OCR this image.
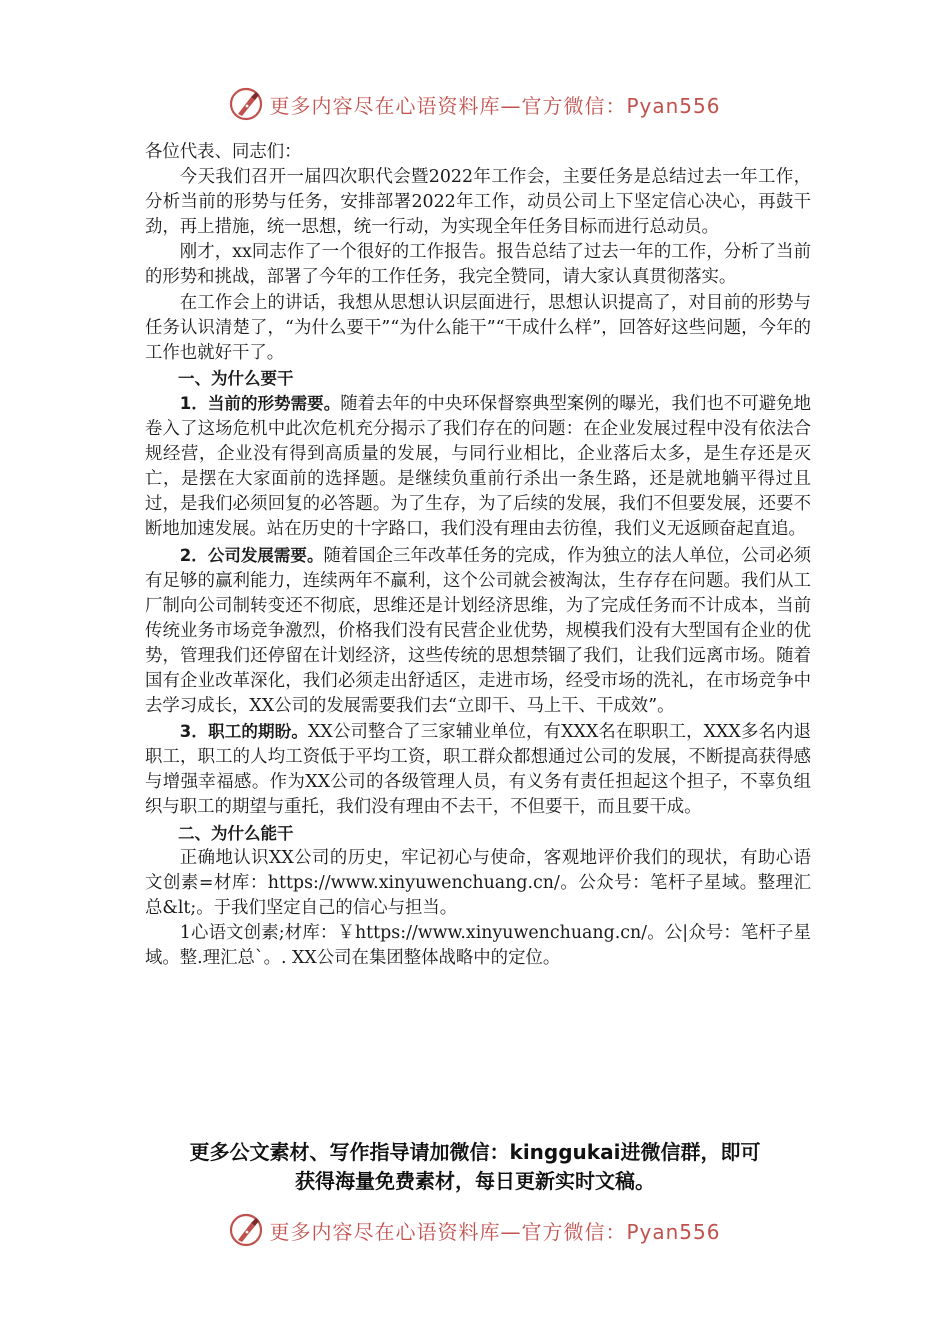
更多内容尽在心语资料库—官方微信：Pyan556

各位代表、同志们：

今天我们召开一届四次职代会暨2022年工作会，主要任务是总结过去一年工作，分析当前的形势与任务，安排部署2022年工作，动员公司上下坚定信心决心，再鼓干劲，再上措施，统一思想，统一行动，为实现全年任务目标而进行总动员。

刚才，xx同志作了一个很好的工作报告。报告总结了过去一年的工作，分析了当前的形势和挑战，部署了今年的工作任务，我完全赞同，请大家认真贯彻落实。

在工作会上的讲话，我想从思想认识层面进行，思想认识提高了，对目前的形势与任务认识清楚了，“为什么要干”“为什么能干”“干成什么样”，回答好这些问题，今年的工作也就好干了。

一、为什么要干

1．当前的形势需要。随着去年的中央环保督察典型案例的曝光，我们也不可避免地卷入了这场危机中此次危机充分揭示了我们存在的问题：在企业发展过程中没有依法合规经营，企业没有得到高质量的发展，与同行业相比，企业落后太多，是生存还是灭亡，是摆在大家面前的选择题。是继续负重前行杀出一条生路，还是就地躺平得过且过，是我们必须回复的必答题。为了生存，为了后续的发展，我们不但要发展，还要不断地加速发展。站在历史的十字路口，我们没有理由去彷徨，我们义无返顾奋起直追。

2．公司发展需要。随着国企三年改革任务的完成，作为独立的法人单位，公司必须有足够的赢利能力，连续两年不赢利，这个公司就会被淘汰，生存存在问题。我们从工厂制向公司制转变还不彻底，思维还是计划经济思维，为了完成任务而不计成本，当前传统业务市场竞争激烈，价格我们没有民营企业优势，规模我们没有大型国有企业的优势，管理我们还停留在计划经济，这些传统的思想禁锢了我们，让我们远离市场。随着国有企业改革深化，我们必须走出舒适区，走进市场，经受市场的洗礼，在市场竞争中去学习成长，XX公司的发展需要我们去“立即干、马上干、干成效”。

3．职工的期盼。XX公司整合了三家辅业单位，有XXX名在职职工，XXX多名内退职工，职工的人均工资低于平均工资，职工群众都想通过公司的发展，不断提高获得感与增强幸福感。作为XX公司的各级管理人员，有义务有责任担起这个担子，不辜负组织与职工的期望与重托，我们没有理由不去干，不但要干，而且要干成。

二、为什么能干

正确地认识XX公司的历史，牢记初心与使命，客观地评价我们的现状，有助心语文创素=材库：https://www.xinyuwenchuang.cn/。公众号：笔杆子星域。整理汇总&lt;。于我们坚定自己的信心与担当。

1心语文创素;材库：￥https://www.xinyuwenchuang.cn/。公|众号：笔杆子星域。整.理汇总`。. XX公司在集团整体战略中的定位。

更多公文素材、写作指导请加微信：kinggukai进微信群，即可
获得海量免费素材，每日更新实时文稿。
更多内容尽在心语资料库—官方微信：Pyan556
